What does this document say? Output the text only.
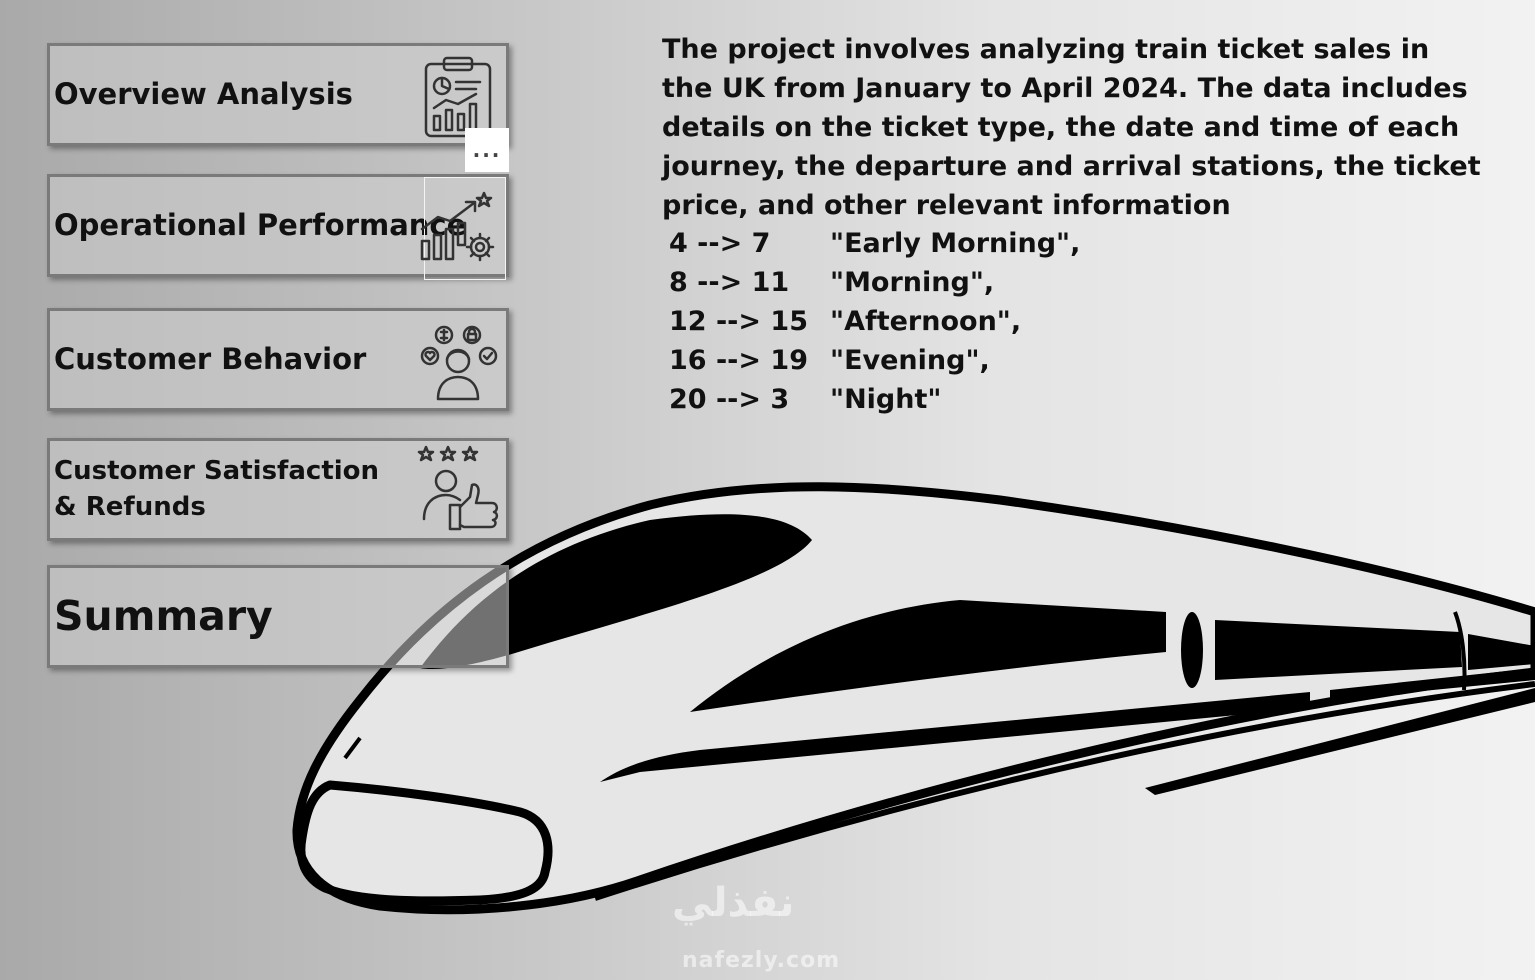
Overview Analysis
...
Operational Performance
Customer Behavior
Customer Satisfaction & Refunds
Summary

The project involves analyzing train ticket sales in the UK from January to April 2024. The data includes details on the ticket type, the date and time of each journey, the departure and arrival stations, the ticket price, and other relevant information

4 --> 7	"Early Morning",
8 --> 11	"Morning",
12 --> 15 "Afternoon",
16 --> 19 "Evening",
20 --> 3	"Night"
نفذلي
nafezly.com
